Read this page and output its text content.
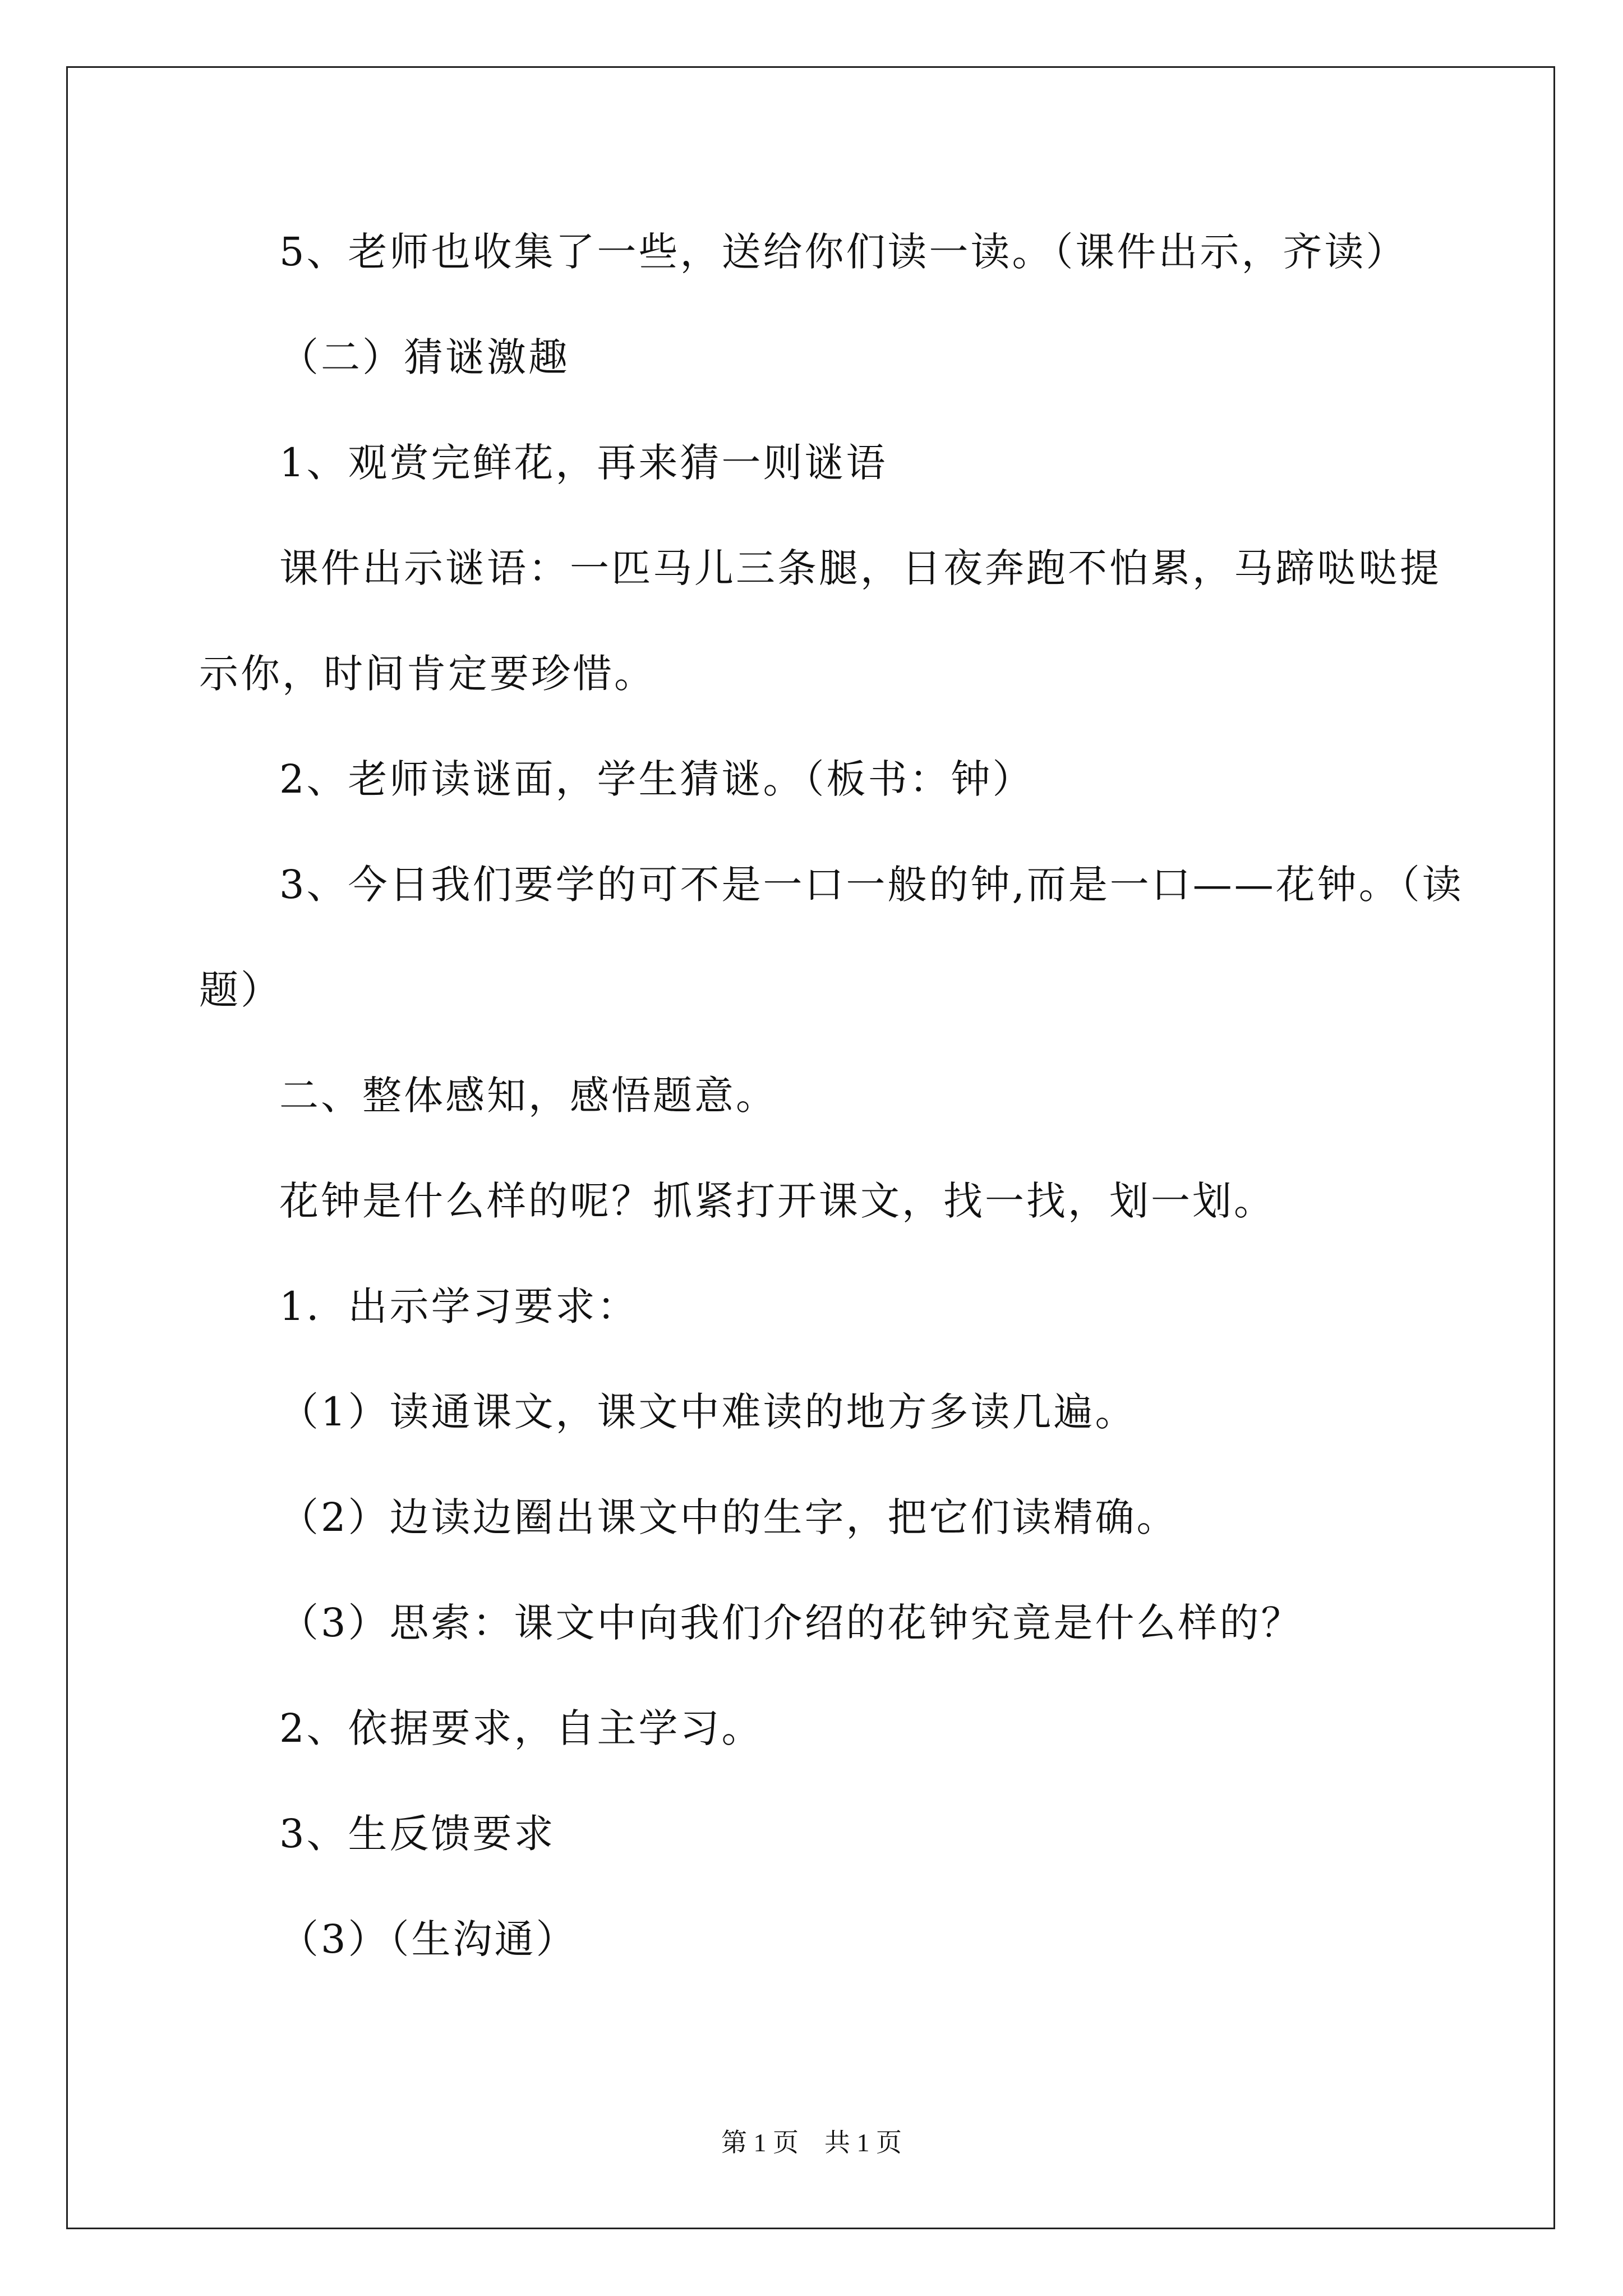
5、老师也收集了一些，送给你们读一读。（课件出示，齐读）
（二）猜谜激趣
1、观赏完鲜花，再来猜一则谜语
课件出示谜语：一匹马儿三条腿，日夜奔跑不怕累，马蹄哒哒提
示你，时间肯定要珍惜。
2、老师读谜面，学生猜谜。（板书：钟）
3、今日我们要学的可不是一口一般的钟,而是一口——花钟。（读
题）
二、整体感知，感悟题意。
花钟是什么样的呢？抓紧打开课文，找一找，划一划。
1．出示学习要求：
（1）读通课文，课文中难读的地方多读几遍。
（2）边读边圈出课文中的生字，把它们读精确。
（3）思索：课文中向我们介绍的花钟究竟是什么样的？
2、依据要求，自主学习。
3、生反馈要求
（3）（生沟通）
第 1 页　共 1 页
